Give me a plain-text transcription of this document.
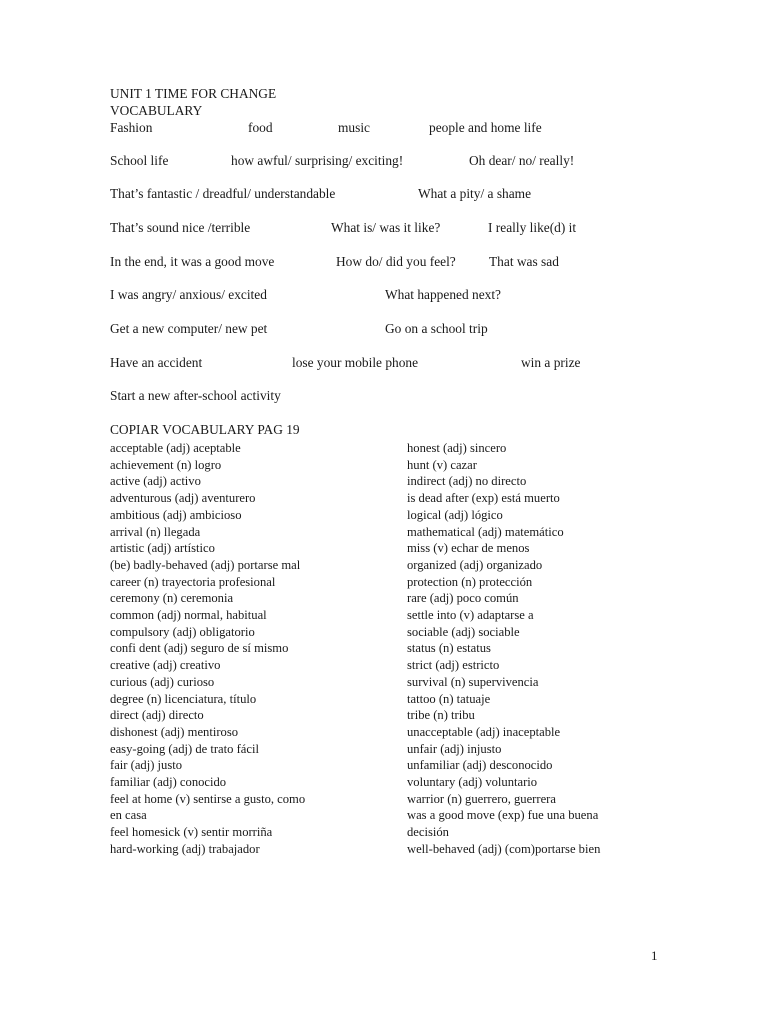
UNIT 1 TIME FOR CHANGE
VOCABULARY
Fashion	food	music	people and home life
School life	how awful/ surprising/ exciting!	Oh dear/ no/ really!
That’s fantastic / dreadful/ understandable	What a pity/ a shame
That’s sound nice /terrible	What is/ was it like?	I really like(d) it
In the end, it was a good move	How do/ did you feel? That was sad
I was angry/ anxious/ excited	What happened next?
Get a new computer/ new pet	Go on a school trip
Have an accident	lose your mobile phone	win a prize
Start a new after-school activity
COPIAR VOCABULARY PAG 19
acceptable (adj) aceptable
achievement (n) logro
active (adj) activo
adventurous (adj) aventurero
ambitious (adj) ambicioso
arrival (n) llegada
artistic (adj) artístico
(be) badly-behaved (adj) portarse mal
career (n) trayectoria profesional
ceremony (n) ceremonia
common (adj) normal, habitual
compulsory (adj) obligatorio
confi dent (adj) seguro de sí mismo
creative (adj) creativo
curious (adj) curioso
degree (n) licenciatura, título
direct (adj) directo
dishonest (adj) mentiroso
easy-going (adj) de trato fácil
fair (adj) justo
familiar (adj) conocido
feel at home (v) sentirse a gusto, como
en casa
feel homesick (v) sentir morriña
hard-working (adj) trabajador
honest (adj) sincero
hunt (v) cazar
indirect (adj) no directo
is dead after (exp) está muerto
logical (adj) lógico
mathematical (adj) matemático
miss (v) echar de menos
organized (adj) organizado
protection (n) protección
rare (adj) poco común
settle into (v) adaptarse a
sociable (adj) sociable
status (n) estatus
strict (adj) estricto
survival (n) supervivencia
tattoo (n) tatuaje
tribe (n) tribu
unacceptable (adj) inaceptable
unfair (adj) injusto
unfamiliar (adj) desconocido
voluntary (adj) voluntario
warrior (n) guerrero, guerrera
was a good move (exp) fue una buena
decisión
well-behaved (adj) (com)portarse bien
1
